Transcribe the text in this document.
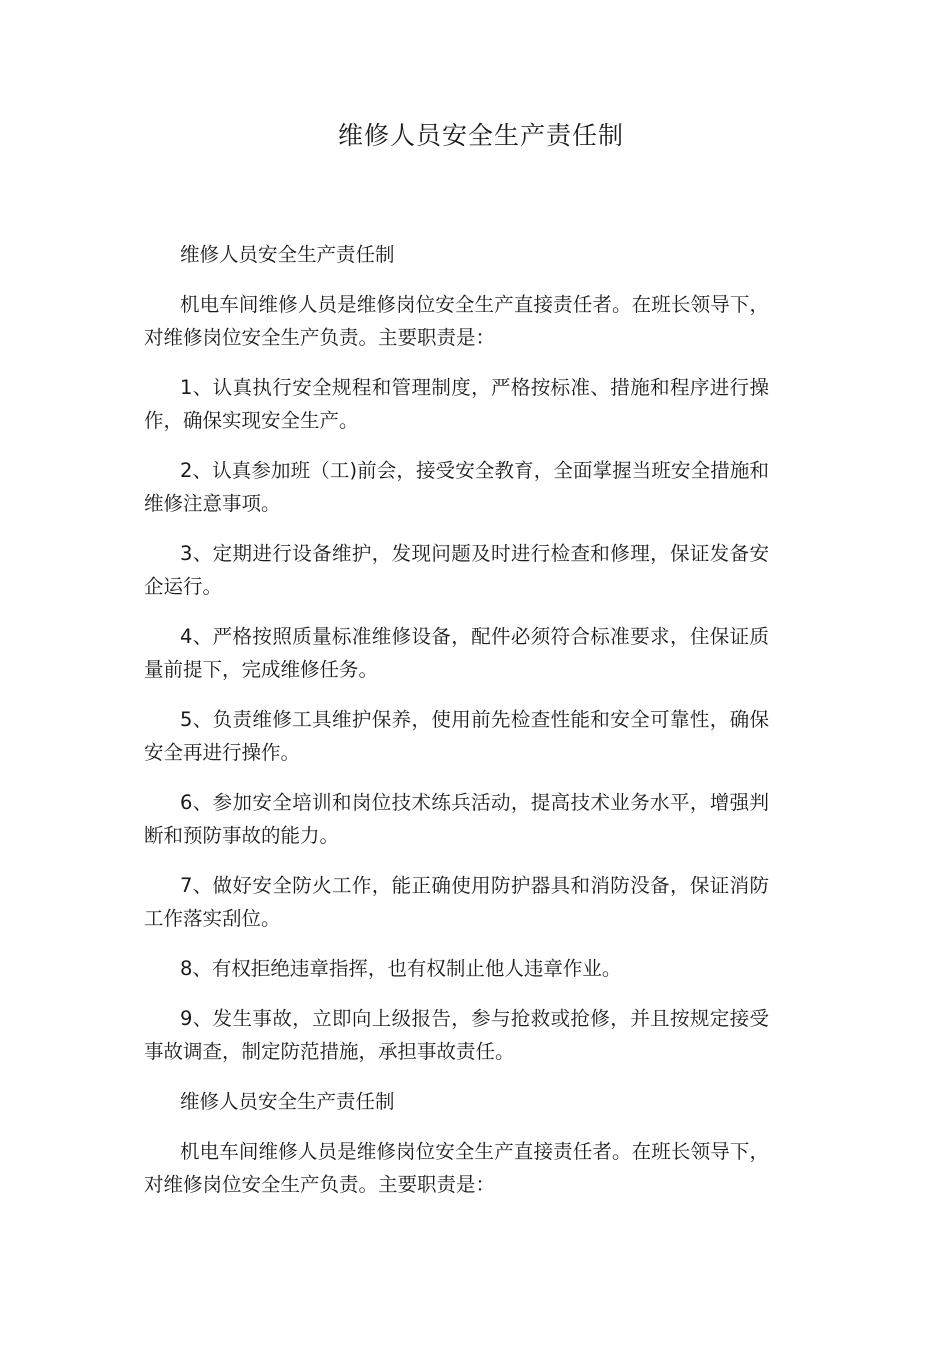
维修人员安全生产责任制

维修人员安全生产责任制

机电车间维修人员是维修岗位安全生产直接责任者。在班长领导下，对维修岗位安全生产负责。主要职责是：

1、认真执行安全规程和管理制度，严格按标准、措施和程序进行操作，确保实现安全生产。

2、认真参加班（工)前会，接受安全教育，全面掌握当班安全措施和维修注意事项。

3、定期进行设备维护，发现问题及时进行检查和修理，保证发备安企运行。

4、严格按照质量标准维修设备，配件必须符合标准要求，住保证质量前提下，完成维修任务。

5、负责维修工具维护保养，使用前先检查性能和安全可靠性，确保安全再进行操作。

6、参加安全培训和岗位技术练兵活动，提高技术业务水平，增强判断和预防事故的能力。

7、做好安全防火工作，能正确使用防护器具和消防没备，保证消防工作落实刮位。

8、有权拒绝违章指挥，也有权制止他人违章作业。

9、发生事故，立即向上级报告，参与抢救或抢修，并且按规定接受事故调查，制定防范措施，承担事故责任。

维修人员安全生产责任制

机电车间维修人员是维修岗位安全生产直接责任者。在班长领导下，对维修岗位安全生产负责。主要职责是：
